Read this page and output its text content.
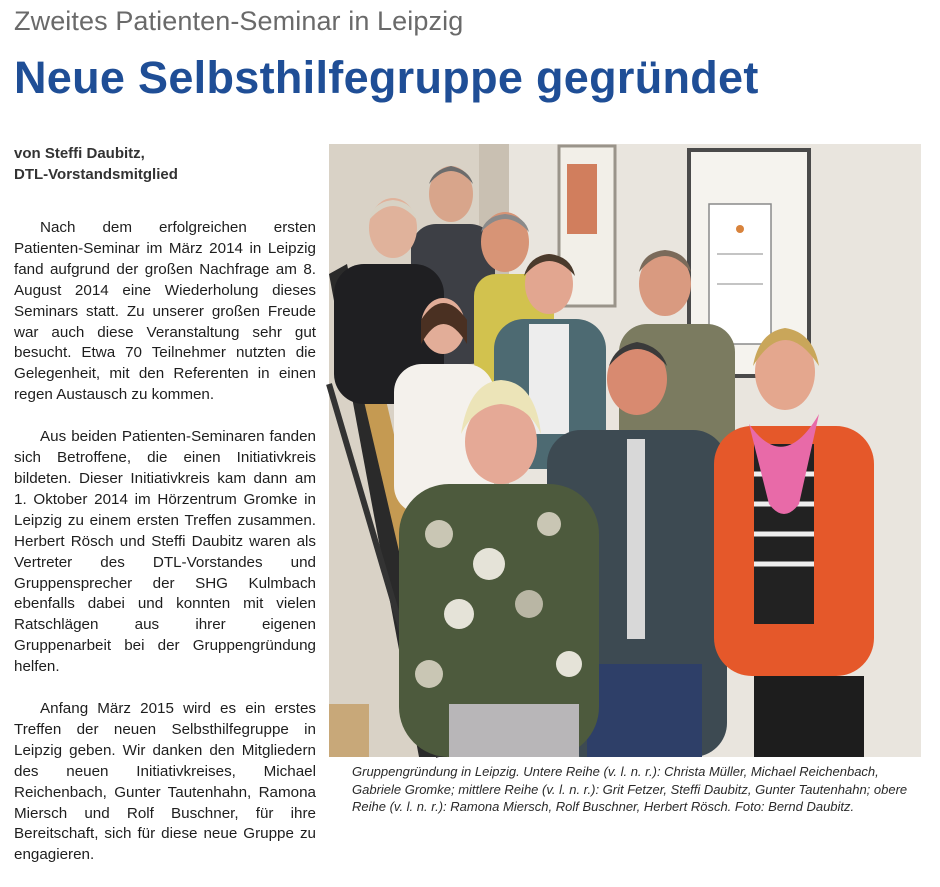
Zweites Patienten-Seminar in Leipzig
Neue Selbsthilfegruppe gegründet
von Steffi Daubitz,
DTL-Vorstandsmitglied

Nach dem erfolgreichen ersten Patienten-Seminar im März 2014 in Leipzig fand aufgrund der großen Nachfrage am 8. August 2014 eine Wiederholung dieses Seminars statt. Zu unserer großen Freude war auch diese Veranstaltung sehr gut besucht. Etwa 70 Teilnehmer nutzten die Gelegenheit, mit den Referenten in einen regen Austausch zu kommen.

Aus beiden Patienten-Seminaren fanden sich Betroffene, die einen Initiativkreis bildeten. Dieser Initiativkreis kam dann am 1. Oktober 2014 im Hörzentrum Gromke in Leipzig zu einem ersten Treffen zusammen. Herbert Rösch und Steffi Daubitz waren als Vertreter des DTL-Vorstandes und Gruppensprecher der SHG Kulmbach ebenfalls dabei und konnten mit vielen Ratschlägen aus ihrer eigenen Gruppenarbeit bei der Gruppengründung helfen.

Anfang März 2015 wird es ein erstes Treffen der neuen Selbsthilfegruppe in Leipzig geben. Wir danken den Mitgliedern des neuen Initiativkreises, Michael Reichenbach, Gunter Tautenhahn, Ramona Miersch und Rolf Buschner, für ihre Bereitschaft, sich für diese neue Gruppe zu engagieren.

Gruppengründung in Leipzig. Untere Reihe (v. l. n. r.): Christa Müller, Michael Reichenbach, Gabriele Gromke; mittlere Reihe (v. l. n. r.): Grit Fetzer, Steffi Daubitz, Gunter Tautenhahn; obere Reihe (v. l. n. r.): Ramona Miersch, Rolf Buschner, Herbert Rösch. Foto: Bernd Daubitz.
